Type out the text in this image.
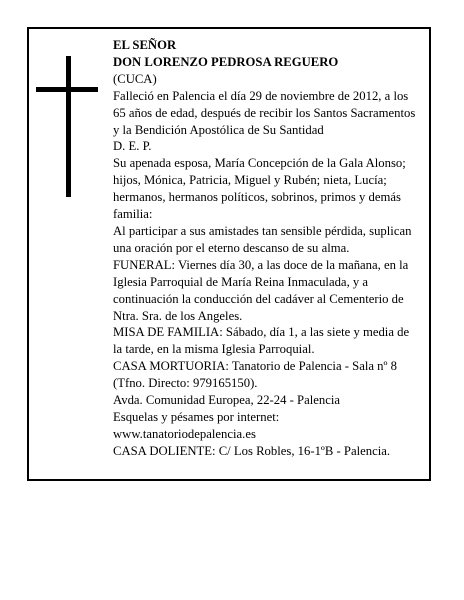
EL SEÑOR

DON LORENZO PEDROSA REGUERO

(CUCA)

Falleció en Palencia el día 29 de noviembre de 2012, a los 65 años de edad, después de recibir los Santos Sacramentos y la Bendición Apostólica de Su Santidad

D. E. P.

Su apenada esposa, María Concepción de la Gala Alonso; hijos, Mónica, Patricia, Miguel y Rubén; nieta, Lucía; hermanos, hermanos políticos, sobrinos, primos y demás familia:

Al participar a sus amistades tan sensible pérdida, suplican una oración por el eterno descanso de su alma.

FUNERAL: Viernes día 30, a las doce de la mañana, en la Iglesia Parroquial de María Reina Inmaculada, y a continuación la conducción del cadáver al Cementerio de Ntra. Sra. de los Angeles.

MISA DE FAMILIA: Sábado, día 1, a las siete y media de la tarde, en la misma Iglesia Parroquial.

CASA MORTUORIA: Tanatorio de Palencia - Sala nº 8 (Tfno. Directo: 979165150).

Avda. Comunidad Europea, 22-24 - Palencia

Esquelas y pésames por internet:

www.tanatoriodepalencia.es

CASA DOLIENTE: C/ Los Robles, 16-1ºB - Palencia.
